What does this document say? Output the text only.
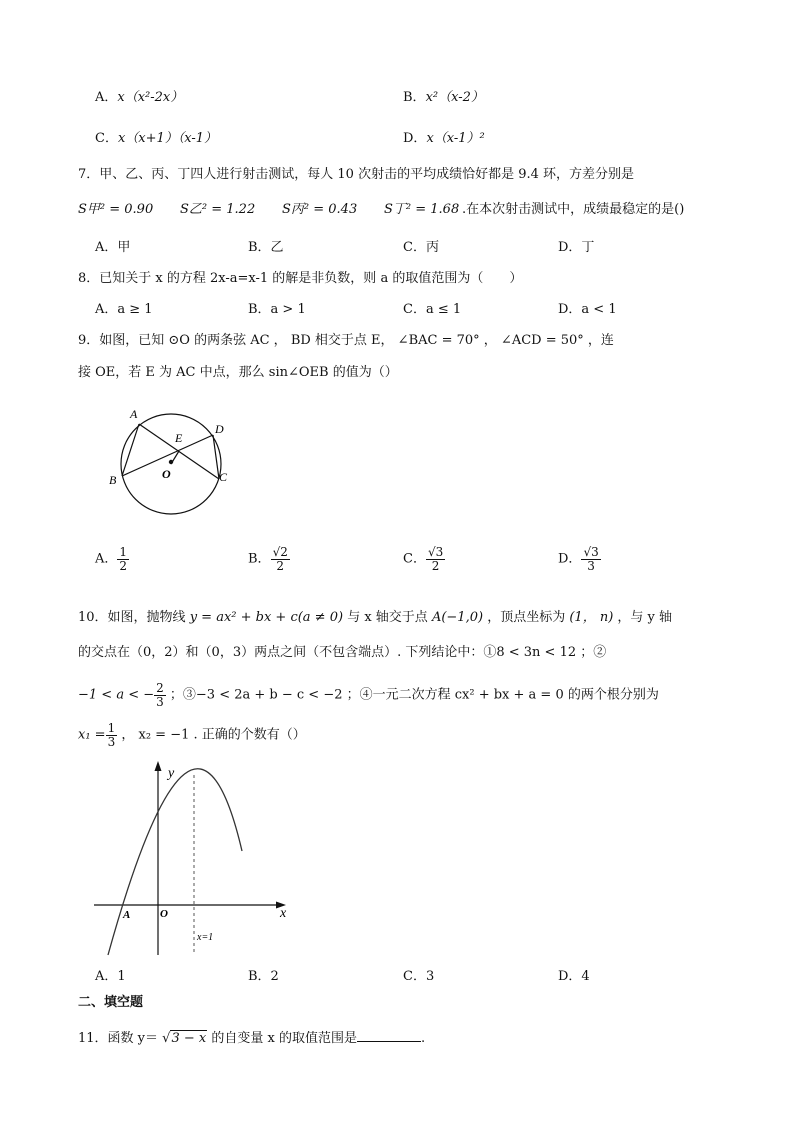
A．x（x²-2x）	B．x²（x-2）
C．x（x+1）（x-1）	D．x（x-1）²
7．甲、乙、丙、丁四人进行射击测试，每人 10 次射击的平均成绩恰好都是 9.4 环，方差分别是
S甲² = 0.90 S乙² = 1.22 S丙² = 0.43 S丁² = 1.68 .在本次射击测试中，成绩最稳定的是()
A．甲	B．乙	C．丙	D．丁
8．已知关于 x 的方程 2x-a=x-1 的解是非负数，则 a 的取值范围为（　　）
A．a ≥ 1	B．a > 1	C．a ≤ 1	D．a < 1
9．如图，已知 ⊙O 的两条弦 AC ， BD 相交于点 E， ∠BAC = 70° ， ∠ACD = 50° ，连
接 OE，若 E 为 AC 中点，那么 sin∠OEB 的值为（）
A
B	C
D
E
O
A． $\frac{1}{2}$	B． $\frac{√2}{2}$	C． $\frac{√3}{2}$	D． $\frac{√3}{3}$
10．如图，抛物线 y = ax² + bx + c(a ≠ 0) 与 x 轴交于点 A(−1,0) ，顶点坐标为 (1， n) ，与 y 轴
的交点在（0，2）和（0，3）两点之间（不包含端点）. 下列结论中：①8 < 3n < 12 ；②
−1 < a < − $\frac{2}{3}$ ；③−3 < 2a + b − c < −2 ；④一元二次方程 cx² + bx + a = 0 的两个根分别为
$x_1 = \frac{1}{3}$ ， x₂ = −1 . 正确的个数有（）
y
x
A	O
x=1
A．1	B．2	C．3	D．4
二、填空题
11．函数 y＝ √3 − x 的自变量 x 的取值范围是	.
